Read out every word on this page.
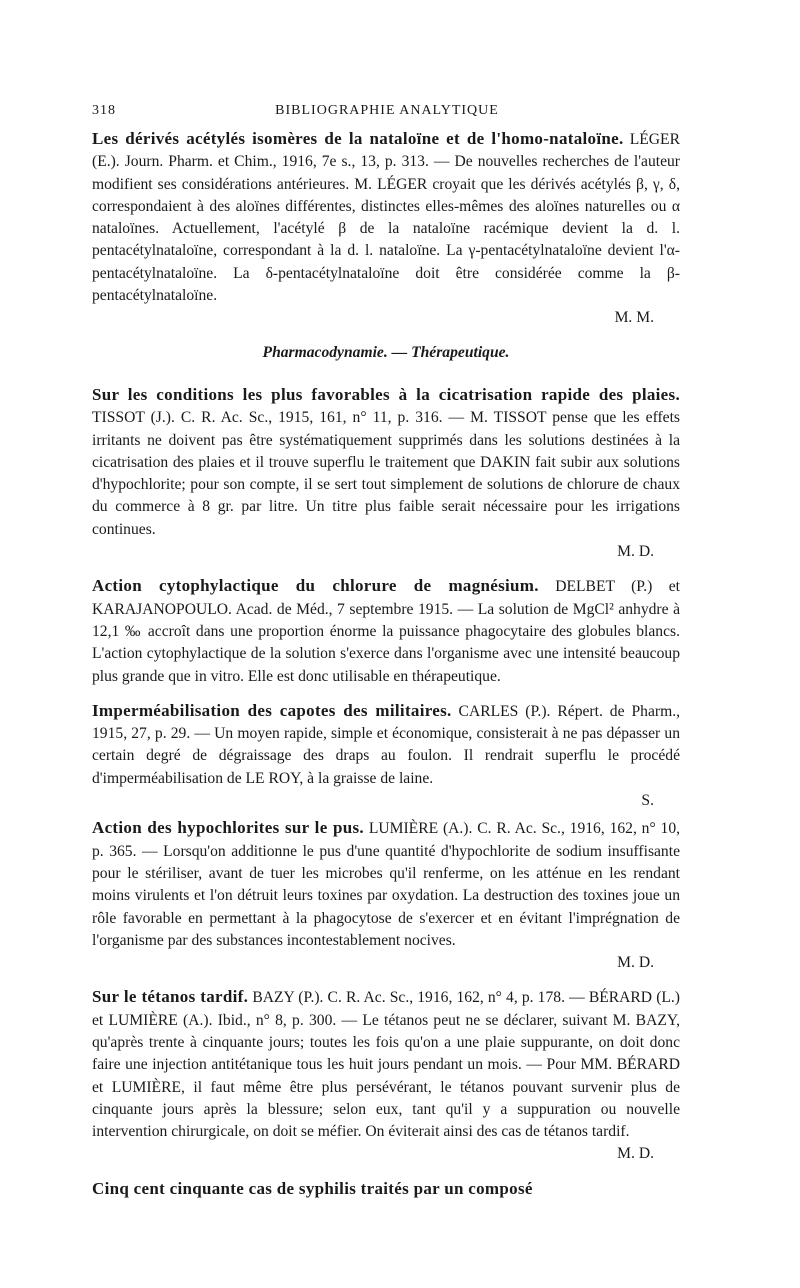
318	BIBLIOGRAPHIE ANALYTIQUE

Les dérivés acétylés isomères de la nataloïne et de l'homo-nataloïne. LÉGER (E.). Journ. Pharm. et Chim., 1916, 7e s., 13, p. 313. — De nouvelles recherches de l'auteur modifient ses considérations antérieures. M. LÉGER croyait que les dérivés acétylés β, γ, δ, correspondaient à des aloïnes différentes, distinctes elles-mêmes des aloïnes naturelles ou α nataloïnes. Actuellement, l'acétylé β de la nataloïne racémique devient la d. l. pentacétylnataloïne, correspondant à la d. l. nataloïne. La γ-pentacétylnataloïne devient l'α-pentacétylnataloïne. La δ-pentacétylnataloïne doit être considérée comme la β-pentacétylnataloïne.
M. M.

Pharmacodynamie. — Thérapeutique.

Sur les conditions les plus favorables à la cicatrisation rapide des plaies. TISSOT (J.). C. R. Ac. Sc., 1915, 161, n° 11, p. 316. — M. TISSOT pense que les effets irritants ne doivent pas être systématiquement supprimés dans les solutions destinées à la cicatrisation des plaies et il trouve superflu le traitement que DAKIN fait subir aux solutions d'hypochlorite; pour son compte, il se sert tout simplement de solutions de chlorure de chaux du commerce à 8 gr. par litre. Un titre plus faible serait nécessaire pour les irrigations continues.
M. D.

Action cytophylactique du chlorure de magnésium. DELBET (P.) et KARAJANOPOULO. Acad. de Méd., 7 septembre 1915. — La solution de MgCl² anhydre à 12,1 ‰ accroît dans une proportion énorme la puissance phagocytaire des globules blancs. L'action cytophylactique de la solution s'exerce dans l'organisme avec une intensité beaucoup plus grande que in vitro. Elle est donc utilisable en thérapeutique.

Imperméabilisation des capotes des militaires. CARLES (P.). Répert. de Pharm., 1915, 27, p. 29. — Un moyen rapide, simple et économique, consisterait à ne pas dépasser un certain degré de dégraissage des draps au foulon. Il rendrait superflu le procédé d'imperméabilisation de LE ROY, à la graisse de laine.
S.

Action des hypochlorites sur le pus. LUMIÈRE (A.). C. R. Ac. Sc., 1916, 162, n° 10, p. 365. — Lorsqu'on additionne le pus d'une quantité d'hypochlorite de sodium insuffisante pour le stériliser, avant de tuer les microbes qu'il renferme, on les atténue en les rendant moins virulents et l'on détruit leurs toxines par oxydation. La destruction des toxines joue un rôle favorable en permettant à la phagocytose de s'exercer et en évitant l'imprégnation de l'organisme par des substances incontestablement nocives.
M. D.

Sur le tétanos tardif. BAZY (P.). C. R. Ac. Sc., 1916, 162, n° 4, p. 178. — BÉRARD (L.) et LUMIÈRE (A.). Ibid., n° 8, p. 300. — Le tétanos peut ne se déclarer, suivant M. BAZY, qu'après trente à cinquante jours; toutes les fois qu'on a une plaie suppurante, on doit donc faire une injection antitétanique tous les huit jours pendant un mois. — Pour MM. BÉRARD et LUMIÈRE, il faut même être plus persévérant, le tétanos pouvant survenir plus de cinquante jours après la blessure; selon eux, tant qu'il y a suppuration ou nouvelle intervention chirurgicale, on doit se méfier. On éviterait ainsi des cas de tétanos tardif.
M. D.

Cinq cent cinquante cas de syphilis traités par un composé
